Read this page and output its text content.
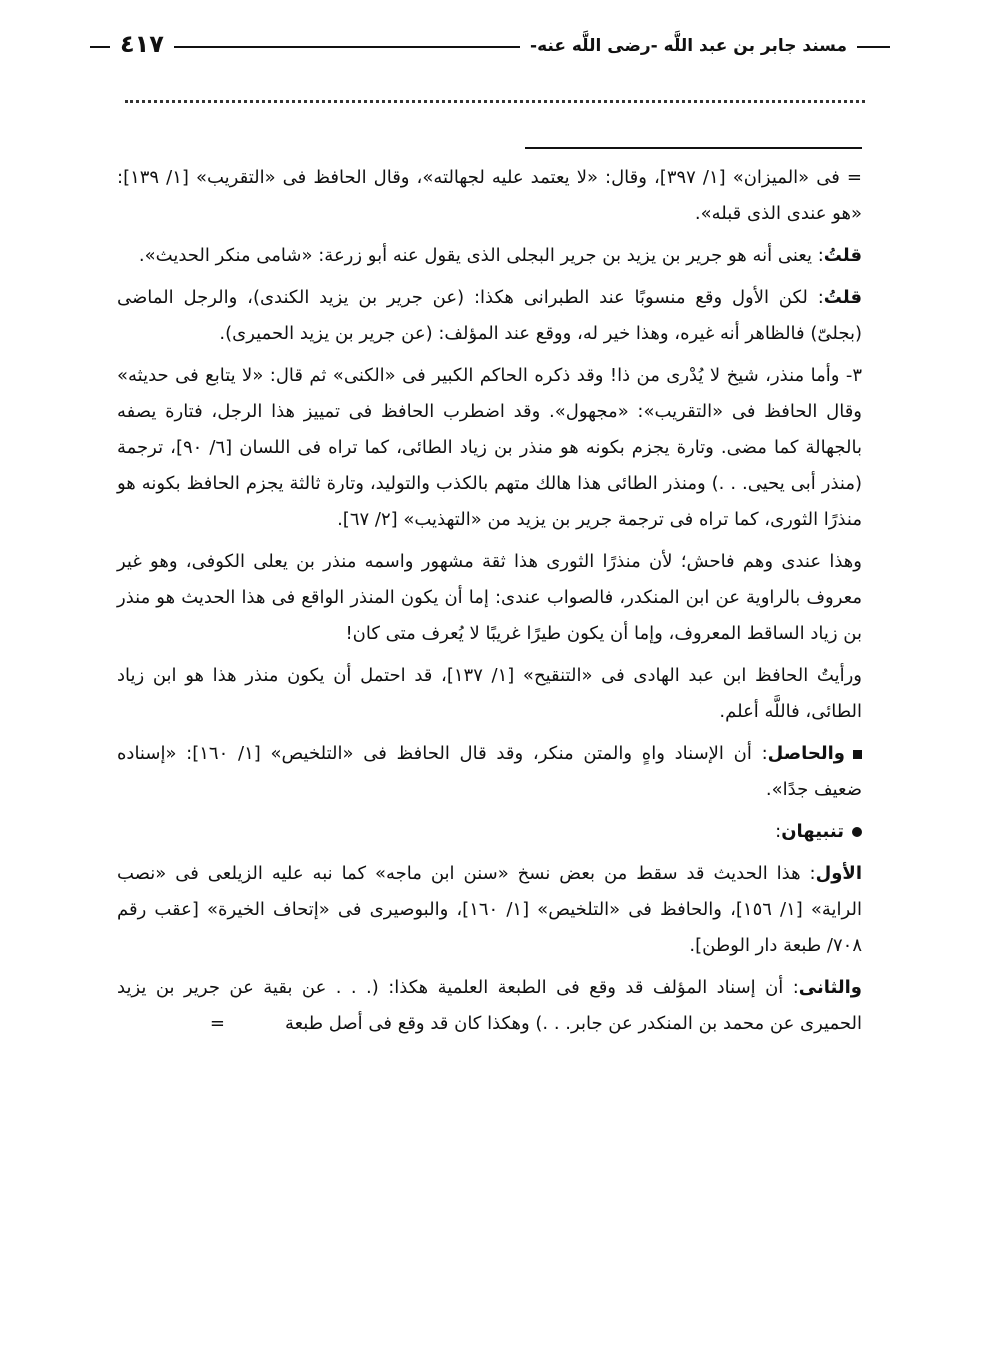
مسند جابر بن عبد اللَّه -رضى اللَّه عنه-
٤١٧

= فى «الميزان» [١/ ٣٩٧]، وقال: «لا يعتمد عليه لجهالته»، وقال الحافظ فى «التقريب» [١/ ١٣٩]: «هو عندى الذى قبله».

قلتُ: يعنى أنه هو جرير بن يزيد بن جرير البجلى الذى يقول عنه أبو زرعة: «شامى منكر الحديث».

قلتُ: لكن الأول وقع منسوبًا عند الطبرانى هكذا: (عن جرير بن يزيد الكندى)، والرجل الماضى (بجلىّ) فالظاهر أنه غيره، وهذا خير له، ووقع عند المؤلف: (عن جرير بن يزيد الحميرى).

٣- وأما منذر، شيخ لا يُدْرى من ذا! وقد ذكره الحاكم الكبير فى «الكنى» ثم قال: «لا يتابع فى حديثه» وقال الحافظ فى «التقريب»: «مجهول». وقد اضطرب الحافظ فى تمييز هذا الرجل، فتارة يصفه بالجهالة كما مضى. وتارة يجزم بكونه هو منذر بن زياد الطائى، كما تراه فى اللسان [٦/ ٩٠]، ترجمة (منذر أبى يحيى. . .) ومنذر الطائى هذا هالك متهم بالكذب والتوليد، وتارة ثالثة يجزم الحافظ بكونه هو منذرًا الثورى، كما تراه فى ترجمة جرير بن يزيد من «التهذيب» [٢/ ٦٧].

وهذا عندى وهم فاحش؛ لأن منذرًا الثورى هذا ثقة مشهور واسمه منذر بن يعلى الكوفى، وهو غير معروف بالراوية عن ابن المنكدر، فالصواب عندى: إما أن يكون المنذر الواقع فى هذا الحديث هو منذر بن زياد الساقط المعروف، وإما أن يكون طيرًا غريبًا لا يُعرف متى كان!

ورأيتُ الحافظ ابن عبد الهادى فى «التنقيح» [١/ ١٣٧]، قد احتمل أن يكون منذر هذا هو ابن زياد الطائى، فاللَّه أعلم.

والحاصل: أن الإسناد واهٍ والمتن منكر، وقد قال الحافظ فى «التلخيص» [١/ ١٦٠]: «إسناده ضعيف جدًا».

تنبيهان:

الأول: هذا الحديث قد سقط من بعض نسخ «سنن ابن ماجه» كما نبه عليه الزيلعى فى «نصب الراية» [١/ ١٥٦]، والحافظ فى «التلخيص» [١/ ١٦٠]، والبوصيرى فى «إتحاف الخيرة» [عقب رقم ٧٠٨/ طبعة دار الوطن].

والثانى: أن إسناد المؤلف قد وقع فى الطبعة العلمية هكذا: (. . . عن بقية عن جرير بن يزيد الحميرى عن محمد بن المنكدر عن جابر. . .) وهكذا كان قد وقع فى أصل طبعة=
